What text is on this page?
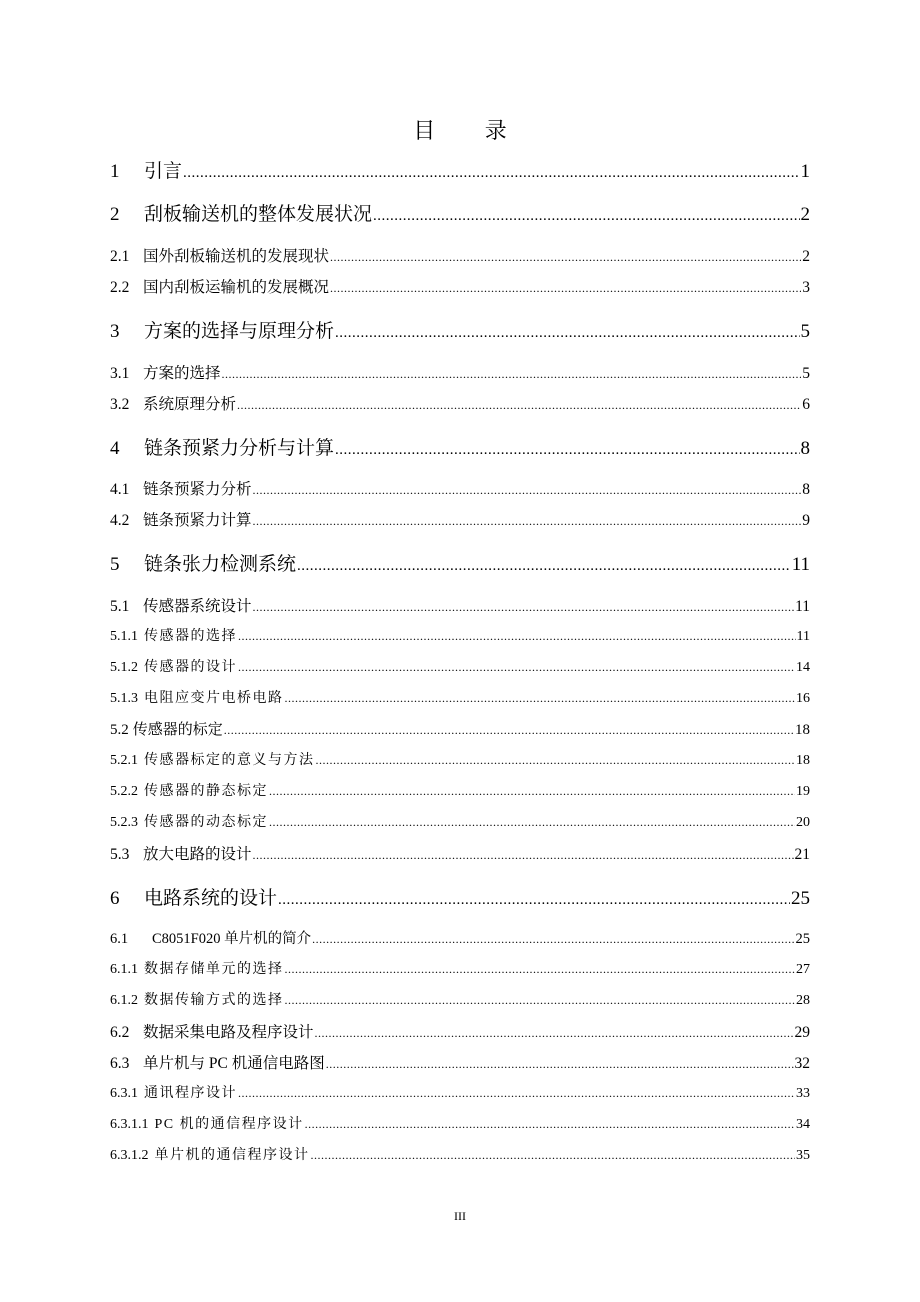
目 录
1	引言 .....	1
2	刮板输送机的整体发展状况 .....	2
2.1 国外刮板输送机的发展现状 .....	2
2.2 国内刮板运输机的发展概况 .....	3
3	方案的选择与原理分析 .....	5
3.1 方案的选择 .....	5
3.2 系统原理分析 .....	6
4	链条预紧力分析与计算 .....	8
4.1 链条预紧力分析 .....	8
4.2 链条预紧力计算 .....	9
5	链条张力检测系统 .....	11
5.1 传感器系统设计 .....	11
5.1.1 传感器的选择 .....	11
5.1.2 传感器的设计 .....	14
5.1.3 电阻应变片电桥电路 .....	16
5.2 传感器的标定 .....	18
5.2.1 传感器标定的意义与方法 .....	18
5.2.2 传感器的静态标定 .....	19
5.2.3 传感器的动态标定 .....	20
5.3 放大电路的设计 .....	21
6	电路系统的设计 .....	25
6.1	C8051F020 单片机的简介 .....	25
6.1.1 数据存储单元的选择 .....	27
6.1.2 数据传输方式的选择 .....	28
6.2 数据采集电路及程序设计 .....	29
6.3 单片机与 PC 机通信电路图 .....	32
6.3.1 通讯程序设计 .....	33
6.3.1.1 PC 机的通信程序设计 .....	34
6.3.1.2 单片机的通信程序设计 .....	35
III
